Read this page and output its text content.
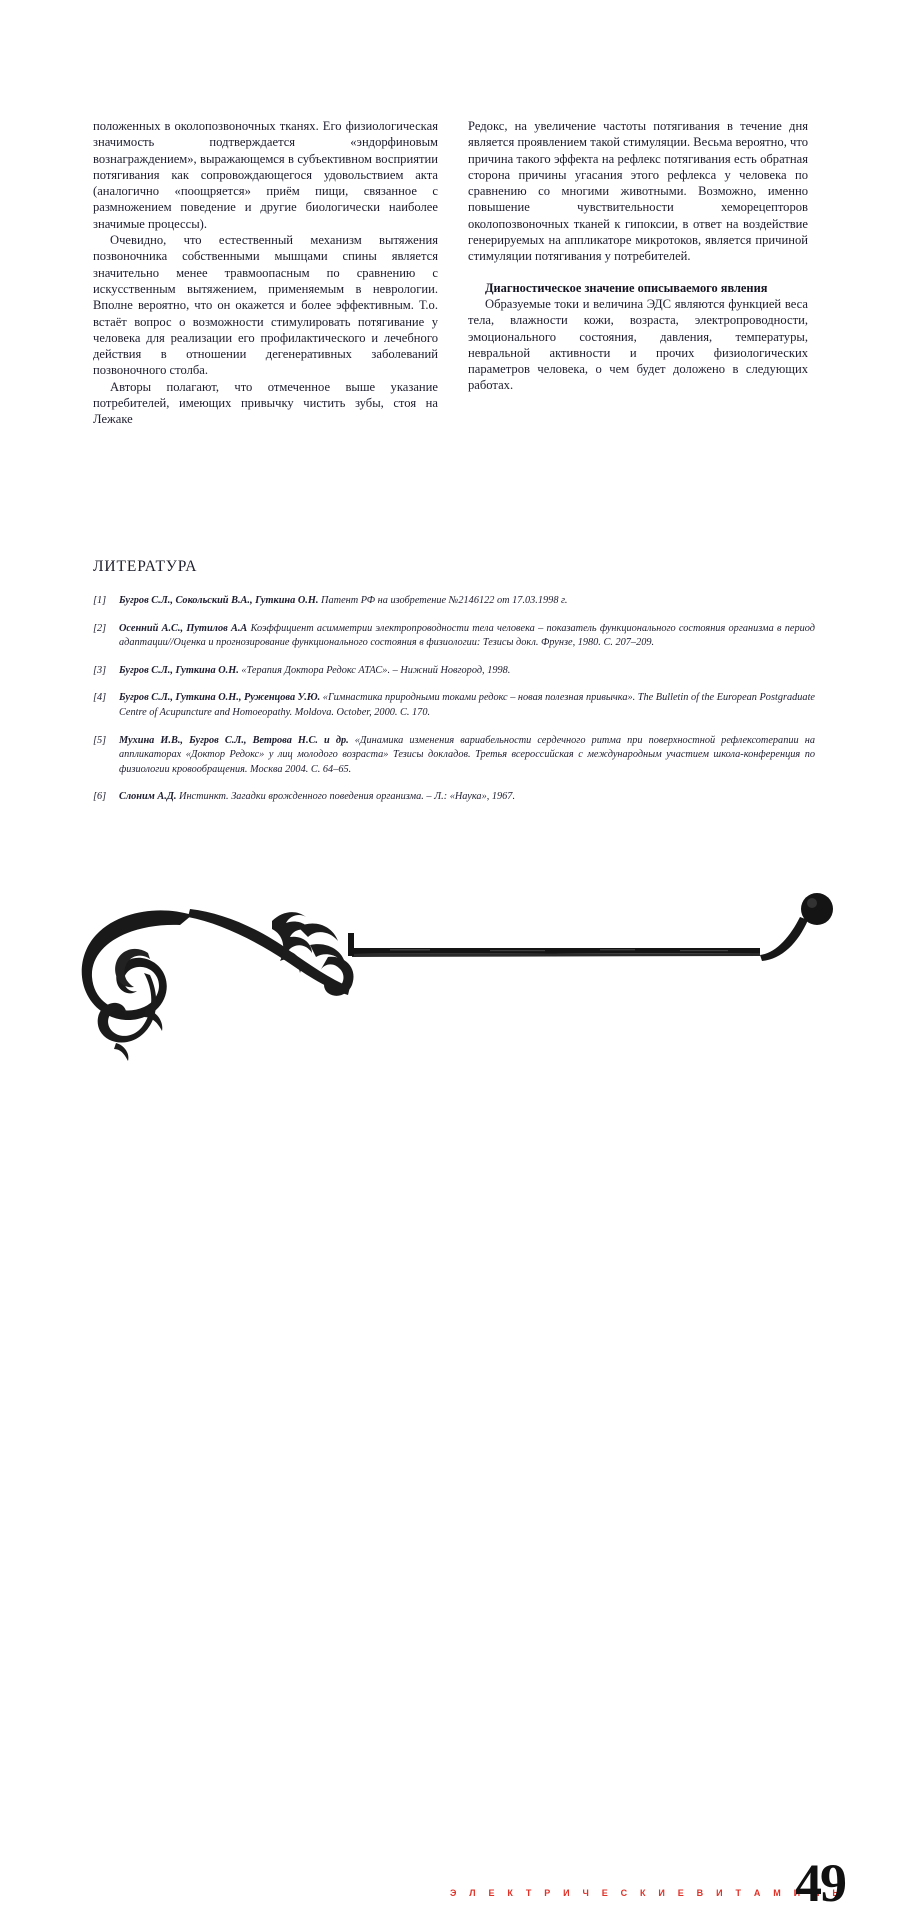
положенных в околопозвоночных тканях. Его физиологическая значимость подтверждается «эндорфиновым вознаграждением», выражающемся в субъективном восприятии потягивания как сопровождающегося удовольствием акта (аналогично «поощряется» приём пищи, связанное с размножением поведение и другие биологически наиболее значимые процессы).

Очевидно, что естественный механизм вытяжения позвоночника собственными мышцами спины является значительно менее травмоопасным по сравнению с искусственным вытяжением, применяемым в неврологии. Вполне вероятно, что он окажется и более эффективным. Т.о. встаёт вопрос о возможности стимулировать потягивание у человека для реализации его профилактического и лечебного действия в отношении дегенеративных заболеваний позвоночного столба.

Авторы полагают, что отмеченное выше указание потребителей, имеющих привычку чистить зубы, стоя на Лежаке

Редокс, на увеличение частоты потягивания в течение дня является проявлением такой стимуляции. Весьма вероятно, что причина такого эффекта на рефлекс потягивания есть обратная сторона причины угасания этого рефлекса у человека по сравнению со многими животными. Возможно, именно повышение чувствительности хеморецепторов околопозвоночных тканей к гипоксии, в ответ на воздействие генерируемых на аппликаторе микротоков, является причиной стимуляции потягивания у потребителей.

Диагностическое значение описываемого явления

Образуемые токи и величина ЭДС являются функцией веса тела, влажности кожи, возраста, электропроводности, эмоционального состояния, давления, температуры, невральной активности и прочих физиологических параметров человека, о чем будет доложено в следующих работах.

ЛИТЕРАТУРА
[1]	Бугров С.Л., Сокольский В.А., Гуткина О.Н. Патент РФ на изобретение №2146122 от 17.03.1998 г.
[2]	Осенний А.С., Путилов А.А Коэффициент асимметрии электропроводности тела человека – показатель функционального состояния организма в период адаптации//Оценка и прогнозирование функционального состояния в физиологии: Тезисы докл. Фрунзе, 1980. С. 207–209.
[3]	Бугров С.Л., Гуткина О.Н. «Терапия Доктора Редокс АТАС». – Нижний Новгород, 1998.
[4]	Бугров С.Л., Гуткина О.Н., Руженцова У.Ю. «Гимнастика природными токами редокс – новая полезная привычка». The Bulletin of the European Postgraduate Centre of Acupuncture and Homoeopathy. Moldova. October, 2000. С. 170.
[5]	Мухина И.В., Бугров С.Л., Ветрова Н.С. и др. «Динамика изменения вариабельности сердечного ритма при поверхностной рефлексотерапии на аппликаторах «Доктор Редокс» у лиц молодого возраста» Тезисы докладов. Третья всероссийская с международным участием школа-конференция по физиологии кровообращения. Москва 2004. С. 64–65.
[6]	Слоним А.Д. Инстинкт. Загадки врожденного поведения организма. – Л.: «Наука», 1967.
Э Л Е К Т Р И Ч Е С К И Е В И Т А М И Н Ы
49
